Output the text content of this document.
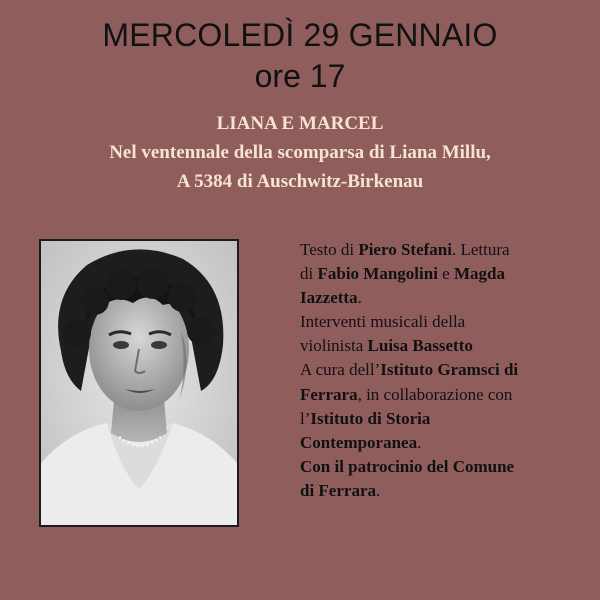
MERCOLEDÌ 29 GENNAIO
ore 17
LIANA E MARCEL
Nel ventennale della scomparsa di Liana Millu,
A 5384 di Auschwitz-Birkenau
Testo di Piero Stefani. Lettura
di Fabio Mangolini e Magda
Iazzetta.
Interventi musicali della
violinista Luisa Bassetto
A cura dell’Istituto Gramsci di
Ferrara, in collaborazione con
l’Istituto di Storia
Contemporanea.
Con il patrocinio del Comune
di Ferrara.
